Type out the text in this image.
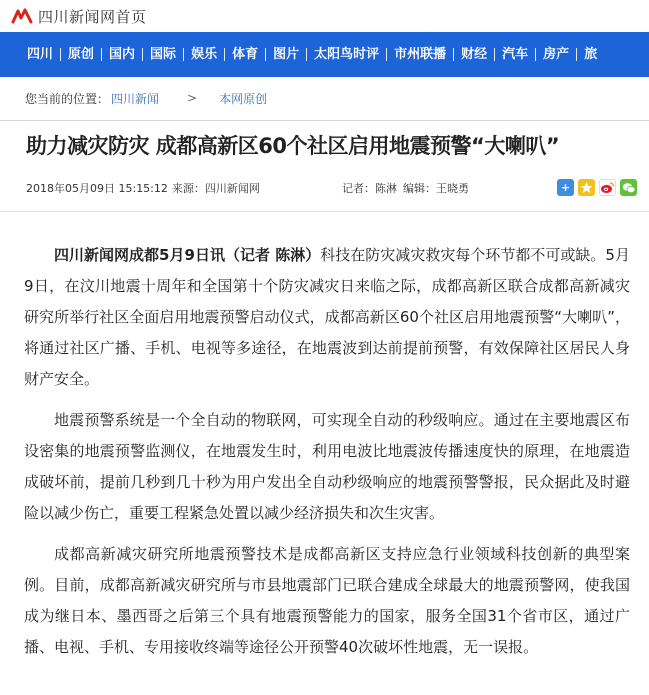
四川新闻网首页
四川	原创	国内	国际	娱乐	体育	图片	太阳鸟时评	市州联播	财经	汽车	房产	旅
您当前的位置： 四川新闻 > 本网原创
助力减灾防灾 成都高新区60个社区启用地震预警“大喇叭”
2018年05月09日 15:15:12 来源： 四川新闻网	记者： 陈淋 编辑： 王晓勇	+

四川新闻网成都5月9日讯（记者 陈淋）科技在防灾减灾救灾每个环节都不可或缺。5月9日，在汶川地震十周年和全国第十个防灾减灾日来临之际，成都高新区联合成都高新减灾研究所举行社区全面启用地震预警启动仪式，成都高新区60个社区启用地震预警“大喇叭”，将通过社区广播、手机、电视等多途径，在地震波到达前提前预警，有效保障社区居民人身财产安全。

地震预警系统是一个全自动的物联网，可实现全自动的秒级响应。通过在主要地震区布设密集的地震预警监测仪，在地震发生时，利用电波比地震波传播速度快的原理，在地震造成破坏前，提前几秒到几十秒为用户发出全自动秒级响应的地震预警警报，民众据此及时避险以减少伤亡，重要工程紧急处置以减少经济损失和次生灾害。

成都高新减灾研究所地震预警技术是成都高新区支持应急行业领域科技创新的典型案例。目前，成都高新减灾研究所与市县地震部门已联合建成全球最大的地震预警网，使我国成为继日本、墨西哥之后第三个具有地震预警能力的国家，服务全国31个省市区，通过广播、电视、手机、专用接收终端等途径公开预警40次破坏性地震，无一误报。
